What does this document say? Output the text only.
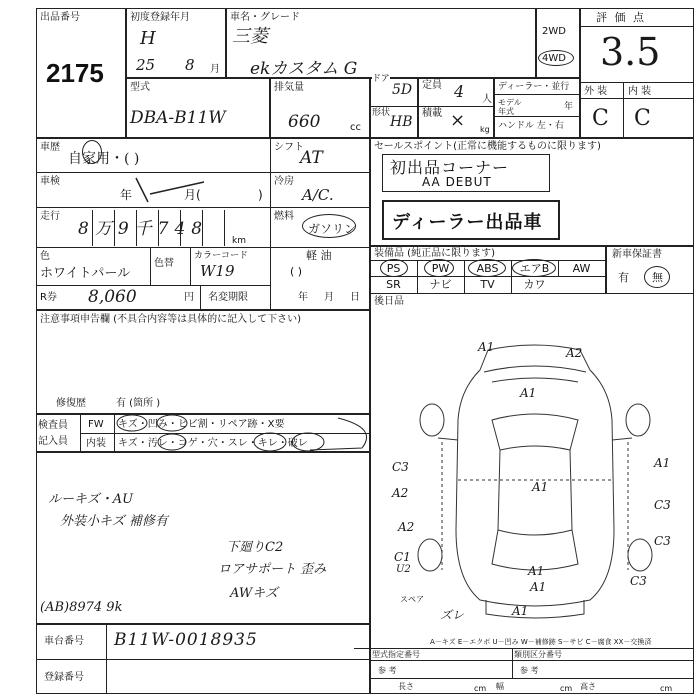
出品番号
2175
初度登録年月
H
25 8 月
車名・グレード
三菱
ekカスタム G
2WD
4WD
評 価 点
3.5
外 装 内 装
C C
型式
DBA-B11W
排気量
660	cc
ドア
5D
形状
HB
定員 4 人
積載 × kg
ディーラー・並行
モデル年式	年
ハンドル 左・右
車歴
自家用・( )
シフト
AT
車検
年	月(	)
冷房
A/C.
走行
8万9千748
km
燃料
ガソリン
軽 油
( )
色
ホワイトパール
色替
カラーコード
W19
R券 8,060	円 名変期限	年 月 日
注意事項申告欄 (不具合内容等は具体的に記入して下さい)
修復歴	有 (箇所 )
セールスポイント(正常に機能するものに限ります)
初出品コーナー
AA DEBUT
ディーラー出品車
装備品 (純正品に限ります)
PS	PW	ABS	エアB	AW
SR	ナビ	TV	カワ
後日品
新車保証書
有 無
検査員
記入員
FW キズ・凹み・ヒビ割・リペア跡・X要
内装 キズ・汚レ・コゲ・穴・スレ・キレ・破レ
ルーキズ・AU
外装小キズ 補修有
下廻りC2
ロアサポート 歪み
AWキズ
(AB)8974 9k
A1	A2
A1
A1
C3
A2
C3
A1
C3
A2
C1
U2
C3
A1
A1
A1
スペア
ズレ
A－キズ E－エクボ U－凹み W－補修跡 S－サビ C－腐食 XX－交換済
車台番号 B11W-0018935
登録番号
型式指定番号
参 考
類別区分番号
参 考
長さ	cm 幅	cm 高さ	cm
